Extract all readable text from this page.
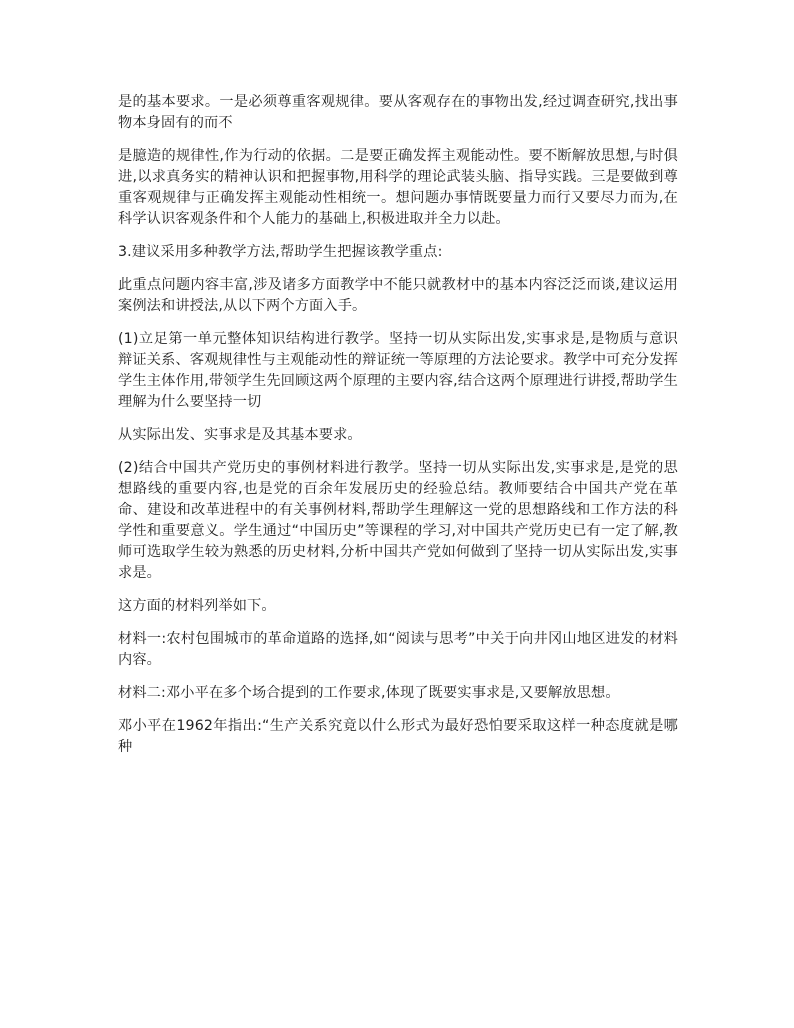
是的基本要求。一是必须尊重客观规律。要从客观存在的事物出发,经过调查研究,找出事物本身固有的而不

是臆造的规律性,作为行动的依据。二是要正确发挥主观能动性。要不断解放思想,与时俱进,以求真务实的精神认识和把握事物,用科学的理论武装头脑、指导实践。三是要做到尊重客观规律与正确发挥主观能动性相统一。想问题办事情既要量力而行又要尽力而为,在科学认识客观条件和个人能力的基础上,积极进取并全力以赴。

3.建议采用多种教学方法,帮助学生把握该教学重点:

此重点问题内容丰富,涉及诸多方面教学中不能只就教材中的基本内容泛泛而谈,建议运用案例法和讲授法,从以下两个方面入手。

(1)立足第一单元整体知识结构进行教学。坚持一切从实际出发,实事求是,是物质与意识辩证关系、客观规律性与主观能动性的辩证统一等原理的方法论要求。教学中可充分发挥学生主体作用,带领学生先回顾这两个原理的主要内容,结合这两个原理进行讲授,帮助学生理解为什么要坚持一切

从实际出发、实事求是及其基本要求。

(2)结合中国共产党历史的事例材料进行教学。坚持一切从实际出发,实事求是,是党的思想路线的重要内容,也是党的百余年发展历史的经验总结。教师要结合中国共产党在革命、建设和改革进程中的有关事例材料,帮助学生理解这一党的思想路线和工作方法的科学性和重要意义。学生通过“中国历史”等课程的学习,对中国共产党历史已有一定了解,教师可选取学生较为熟悉的历史材料,分析中国共产党如何做到了坚持一切从实际出发,实事求是。

这方面的材料列举如下。

材料一:农村包围城市的革命道路的选择,如“阅读与思考”中关于向井冈山地区进发的材料内容。

材料二:邓小平在多个场合提到的工作要求,体现了既要实事求是,又要解放思想。

邓小平在1962年指出:“生产关系究竟以什么形式为最好恐怕要采取这样一种态度就是哪种
